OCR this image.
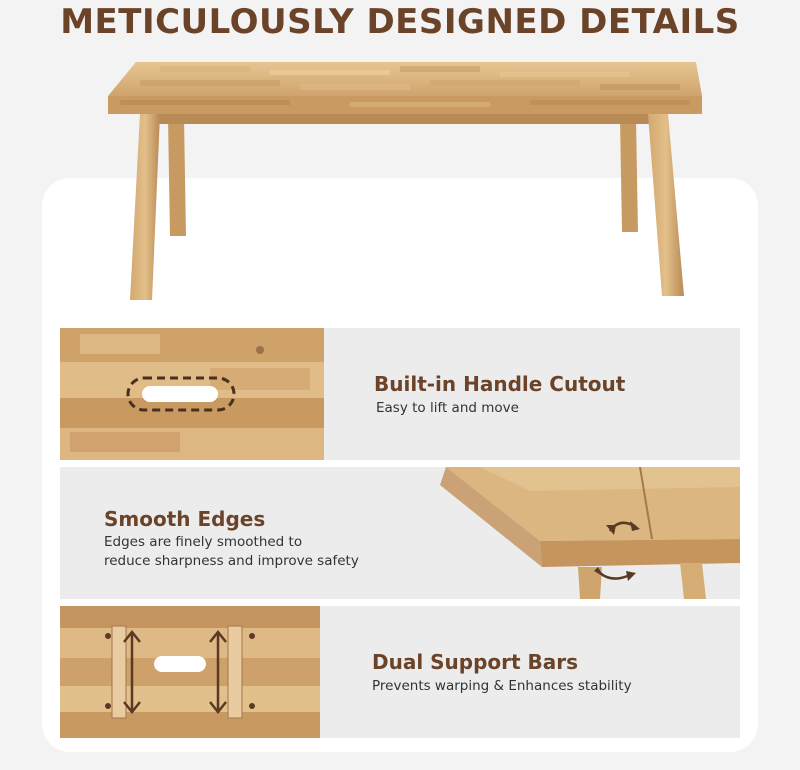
METICULOUSLY DESIGNED DETAILS
Built-in Handle Cutout
Easy to lift and move
Smooth Edges
Edges are finely smoothed to
reduce sharpness and improve safety
Dual Support Bars
Prevents warping & Enhances stability
